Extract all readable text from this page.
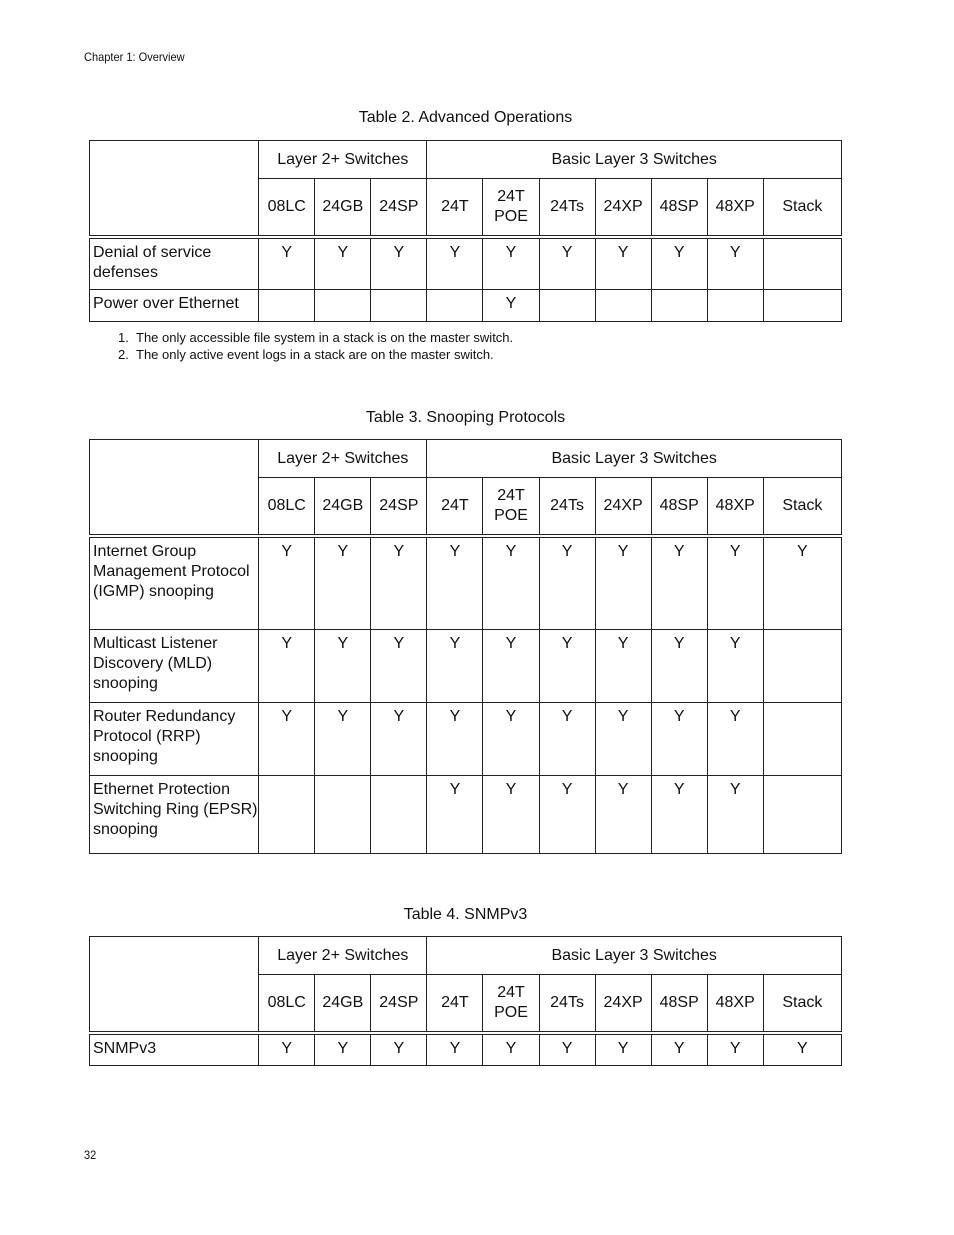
Chapter 1: Overview
Table 2. Advanced Operations
	Layer 2+ Switches			Basic Layer 3 Switches						
	08LC	24GB	24SP	24T	24T POE	24Ts	24XP	48SP	48XP	Stack
Denial of service defenses	Y	Y	Y	Y	Y	Y	Y	Y	Y	
Power over Ethernet					Y					
1. The only accessible file system in a stack is on the master switch.
2. The only active event logs in a stack are on the master switch.
Table 3. Snooping Protocols
	Layer 2+ Switches			Basic Layer 3 Switches						
	08LC	24GB	24SP	24T	24T POE	24Ts	24XP	48SP	48XP	Stack
Internet Group Management Protocol (IGMP) snooping	Y	Y	Y	Y	Y	Y	Y	Y	Y	Y
Multicast Listener Discovery (MLD) snooping	Y	Y	Y	Y	Y	Y	Y	Y	Y	
Router Redundancy Protocol (RRP) snooping	Y	Y	Y	Y	Y	Y	Y	Y	Y	
Ethernet Protection Switching Ring (EPSR) snooping				Y	Y	Y	Y	Y	Y	
Table 4. SNMPv3
	Layer 2+ Switches			Basic Layer 3 Switches						
	08LC	24GB	24SP	24T	24T POE	24Ts	24XP	48SP	48XP	Stack
SNMPv3	Y	Y	Y	Y	Y	Y	Y	Y	Y	Y
32
